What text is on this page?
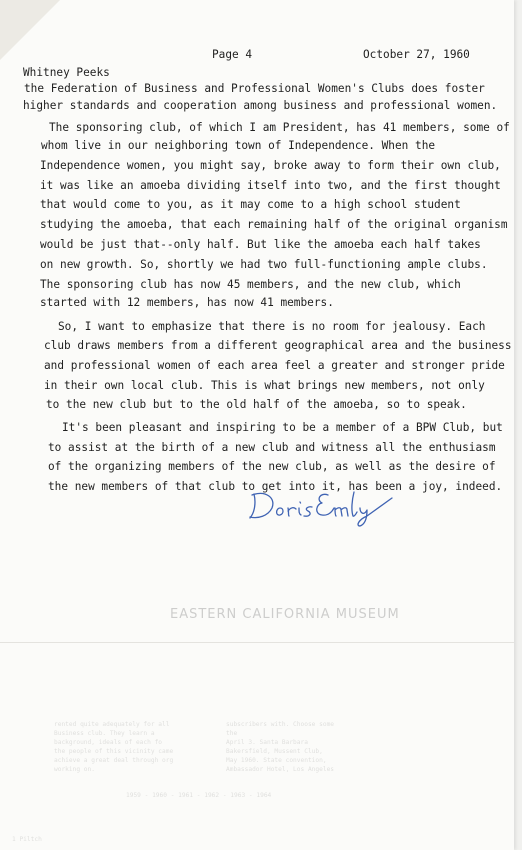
Page 4	October 27, 1960
Whitney Peeks
the Federation of Business and Professional Women's Clubs does foster
higher standards and cooperation among business and professional women.
The sponsoring club, of which I am President, has 41 members, some of
whom live in our neighboring town of Independence. When the
Independence women, you might say, broke away to form their own club,
it was like an amoeba dividing itself into two, and the first thought
that would come to you, as it may come to a high school student
studying the amoeba, that each remaining half of the original organism
would be just that--only half. But like the amoeba each half takes
on new growth. So, shortly we had two full-functioning ample clubs.
The sponsoring club has now 45 members, and the new club, which
started with 12 members, has now 41 members.
So, I want to emphasize that there is no room for jealousy. Each
club draws members from a different geographical area and the business
and professional women of each area feel a greater and stronger pride
in their own local club. This is what brings new members, not only
to the new club but to the old half of the amoeba, so to speak.
It's been pleasant and inspiring to be a member of a BPW Club, but
to assist at the birth of a new club and witness all the enthusiasm
of the organizing members of the new club, as well as the desire of
the new members of that club to get into it, has been a joy, indeed.
EASTERN CALIFORNIA MUSEUM
rented quite adequately for all
Business club. They learn a
background, ideals of each fo
the people of this vicinity came
achieve a great deal through org
working on.
subscribers with. Choose some
the
April 3. Santa Barbara
Bakersfield, Mussent Club,
May 1960. State convention,
Ambassador Hotel, Los Angeles
1959 - 1960 - 1961 - 1962 - 1963 - 1964
1 Piltch
